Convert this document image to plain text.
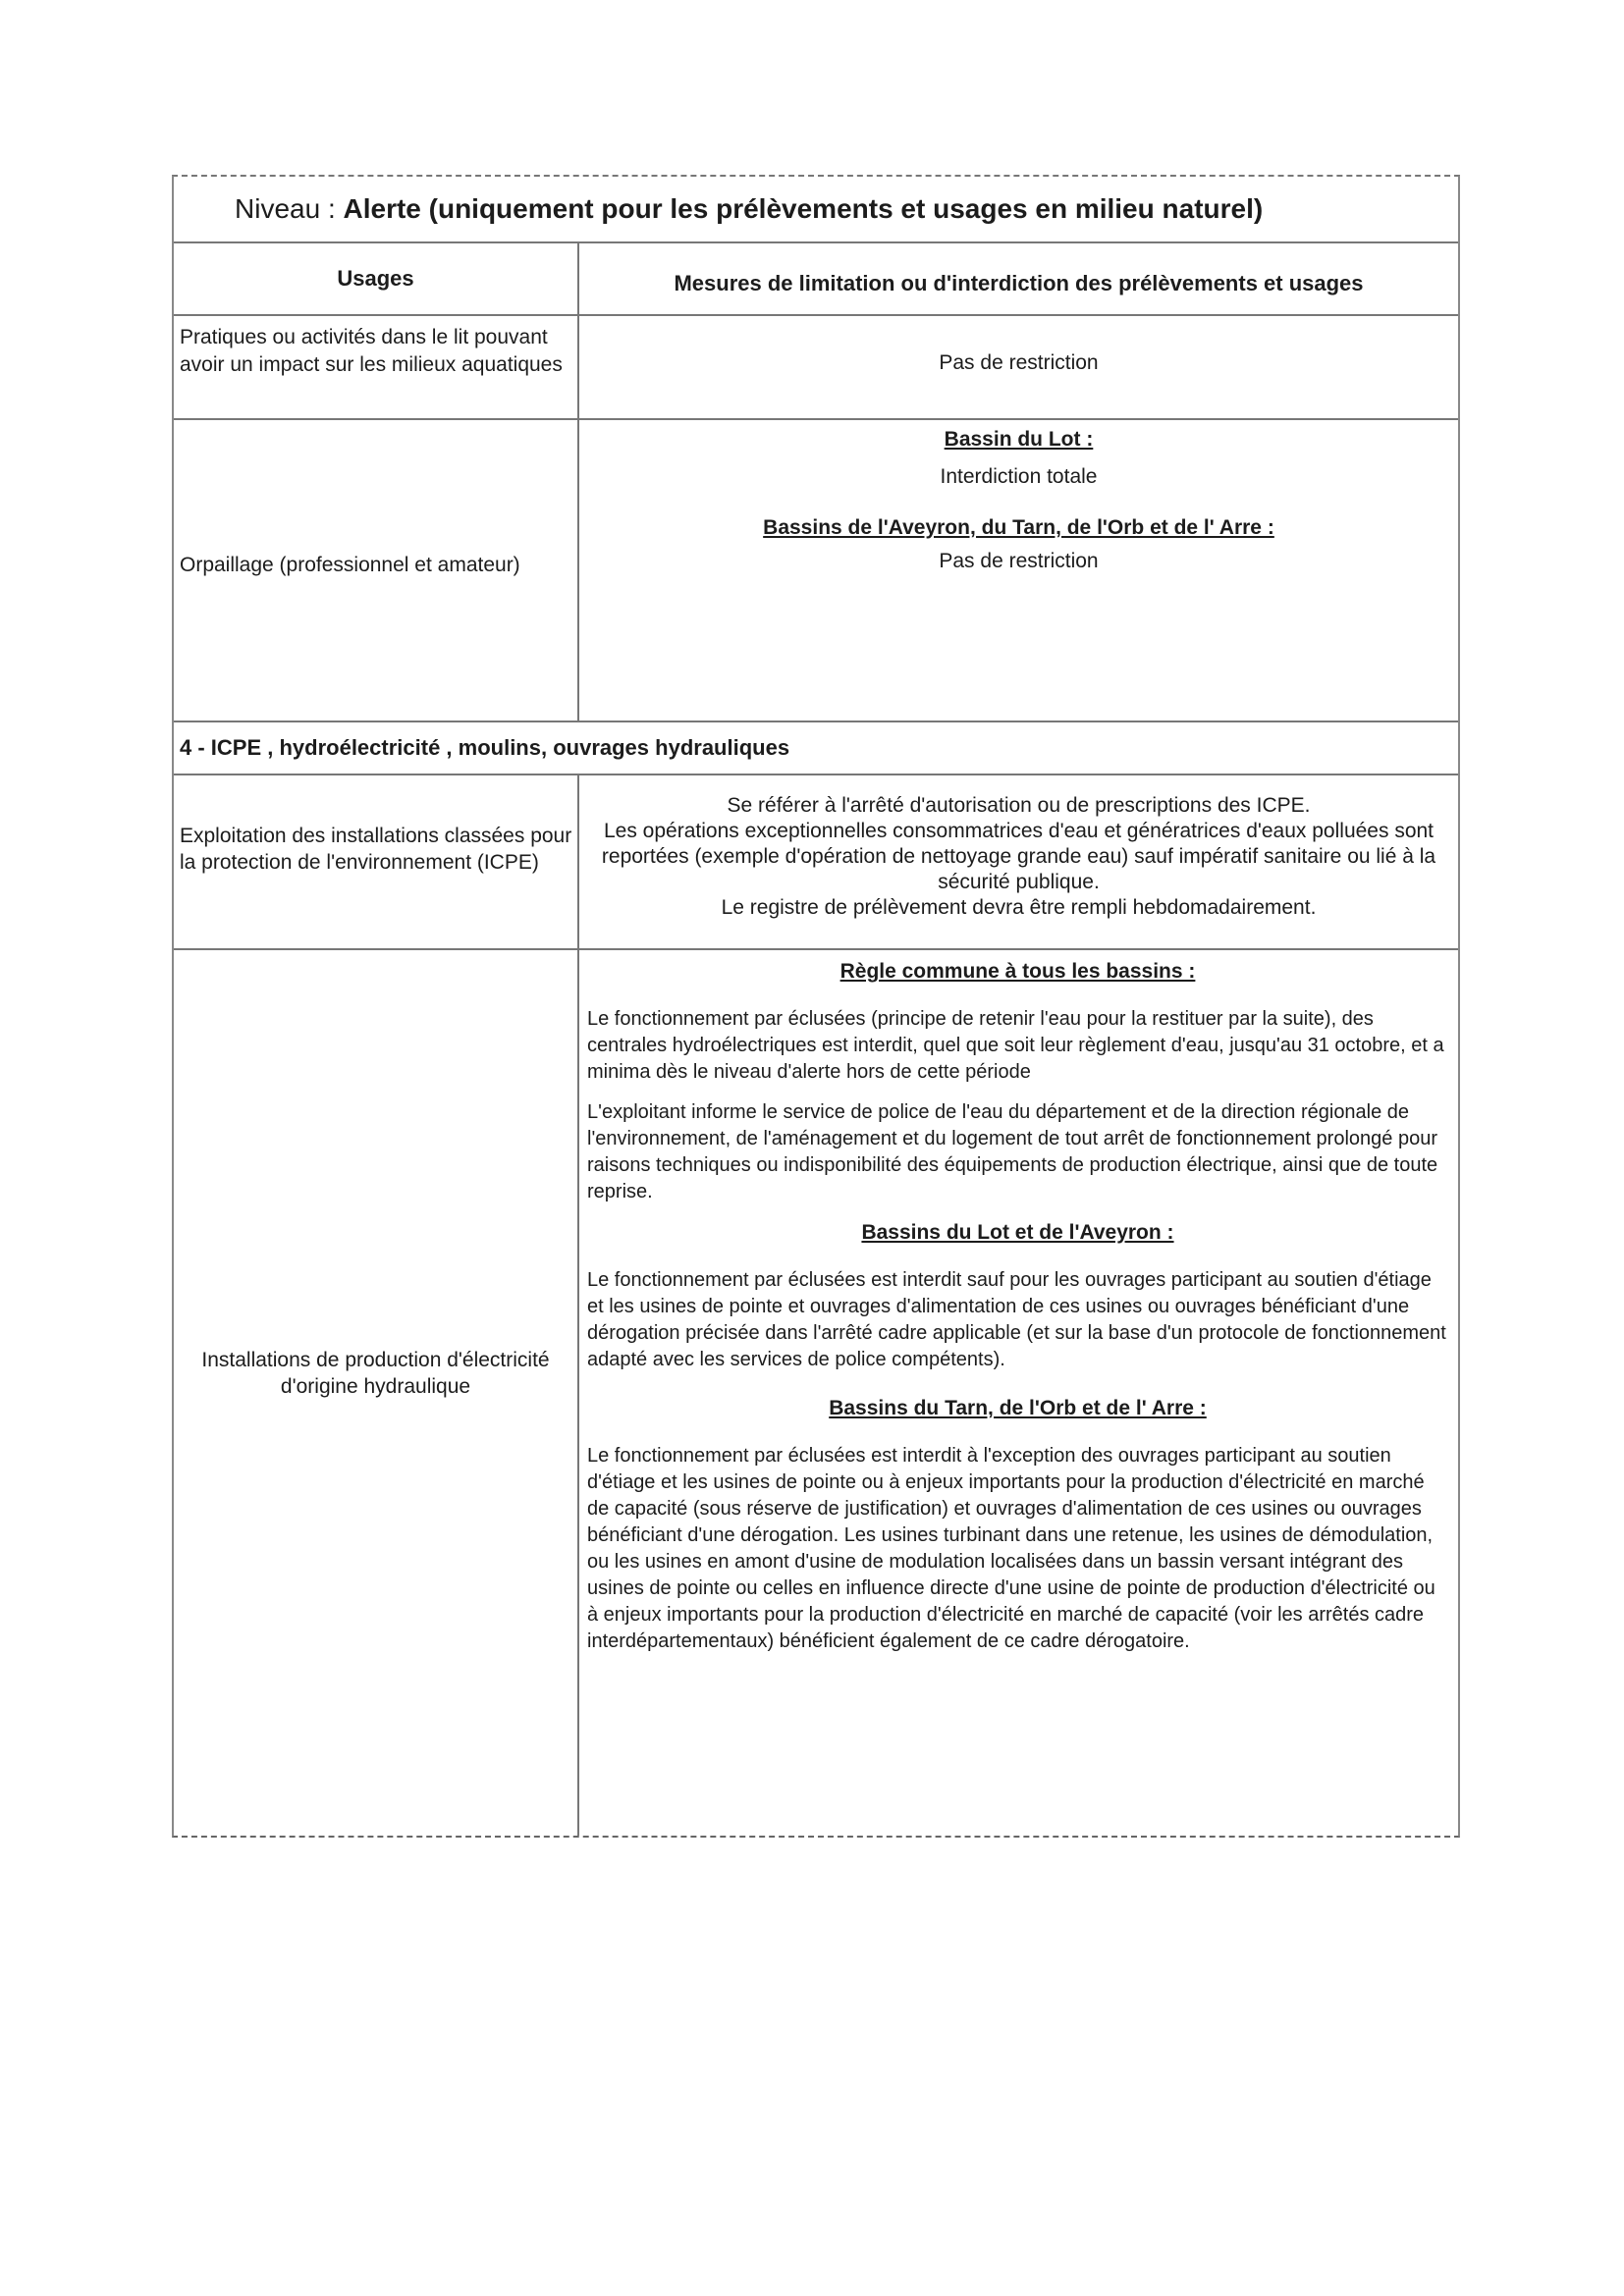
Niveau :
Alerte (uniquement pour les prélèvements et usages en milieu naturel)
Usages	Mesures de limitation ou d'interdiction des prélèvements et usages
Pratiques ou activités dans le lit pouvant avoir un impact sur les milieux aquatiques	Pas de restriction
Orpaillage (professionnel et amateur)
Bassin du Lot :
Interdiction totale
Bassins de l'Aveyron, du Tarn, de l'Orb et de l' Arre :
Pas de restriction
4 - ICPE , hydroélectricité , moulins, ouvrages hydrauliques
Exploitation des installations classées pour la protection de l'environnement (ICPE)
Se référer à l'arrêté d'autorisation ou de prescriptions des ICPE.
Les opérations exceptionnelles consommatrices d'eau et génératrices d'eaux polluées sont reportées (exemple d'opération de nettoyage grande eau) sauf impératif sanitaire ou lié à la sécurité publique.
Le registre de prélèvement devra être rempli hebdomadairement.
Installations de production d'électricité d'origine hydraulique
Règle commune à tous les bassins :

Le fonctionnement par éclusées (principe de retenir l'eau pour la restituer par la suite), des centrales hydroélectriques est interdit, quel que soit leur règlement d'eau, jusqu'au 31 octobre, et a minima dès le niveau d'alerte hors de cette période

L'exploitant informe le service de police de l'eau du département et de la direction régionale de l'environnement, de l'aménagement et du logement de tout arrêt de fonctionnement prolongé pour raisons techniques ou indisponibilité des équipements de production électrique, ainsi que de toute reprise.

Bassins du Lot et de l'Aveyron :

Le fonctionnement par éclusées est interdit sauf pour les ouvrages participant au soutien d'étiage et les usines de pointe et ouvrages d'alimentation de ces usines ou ouvrages bénéficiant d'une dérogation précisée dans l'arrêté cadre applicable (et sur la base d'un protocole de fonctionnement adapté avec les services de police compétents).

Bassins du Tarn, de l'Orb et de l' Arre :

Le fonctionnement par éclusées est interdit à l'exception des ouvrages participant au soutien d'étiage et les usines de pointe ou à enjeux importants pour la production d'électricité en marché de capacité (sous réserve de justification) et ouvrages d'alimentation de ces usines ou ouvrages bénéficiant d'une dérogation. Les usines turbinant dans une retenue, les usines de démodulation, ou les usines en amont d'usine de modulation localisées dans un bassin versant intégrant des usines de pointe ou celles en influence directe d'une usine de pointe de production d'électricité ou à enjeux importants pour la production d'électricité en marché de capacité (voir les arrêtés cadre interdépartementaux) bénéficient également de ce cadre dérogatoire.
